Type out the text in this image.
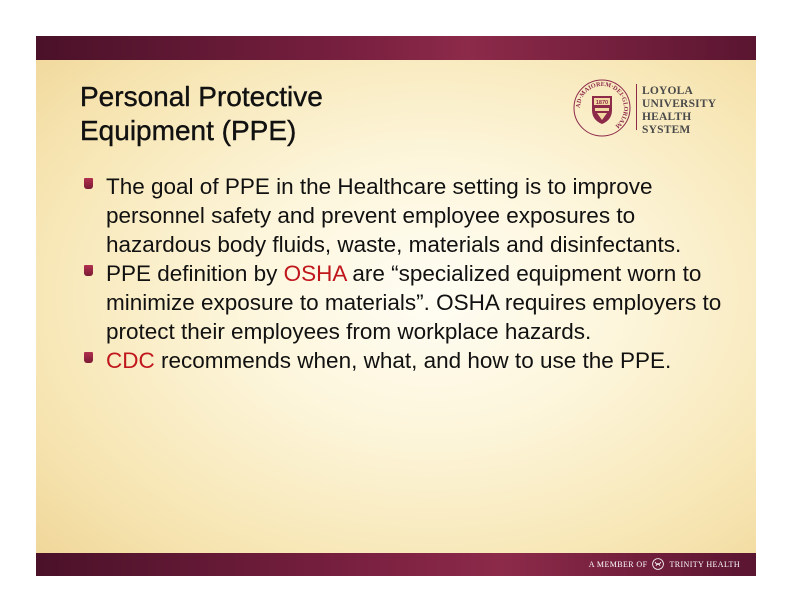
Personal Protective
Equipment (PPE)
AD·MAIOREM·DEI·GLORIAM
1870
LOYOLA
UNIVERSITY
HEALTH SYSTEM
The goal of PPE in the Healthcare setting is to improve personnel safety and prevent employee exposures to hazardous body fluids, waste, materials and disinfectants.
PPE definition by OSHA are “specialized equipment worn to minimize exposure to materials”. OSHA requires employers to protect their employees from workplace hazards.
CDC recommends when, what, and how to use the PPE.
A MEMBER OF	TRINITY HEALTH
